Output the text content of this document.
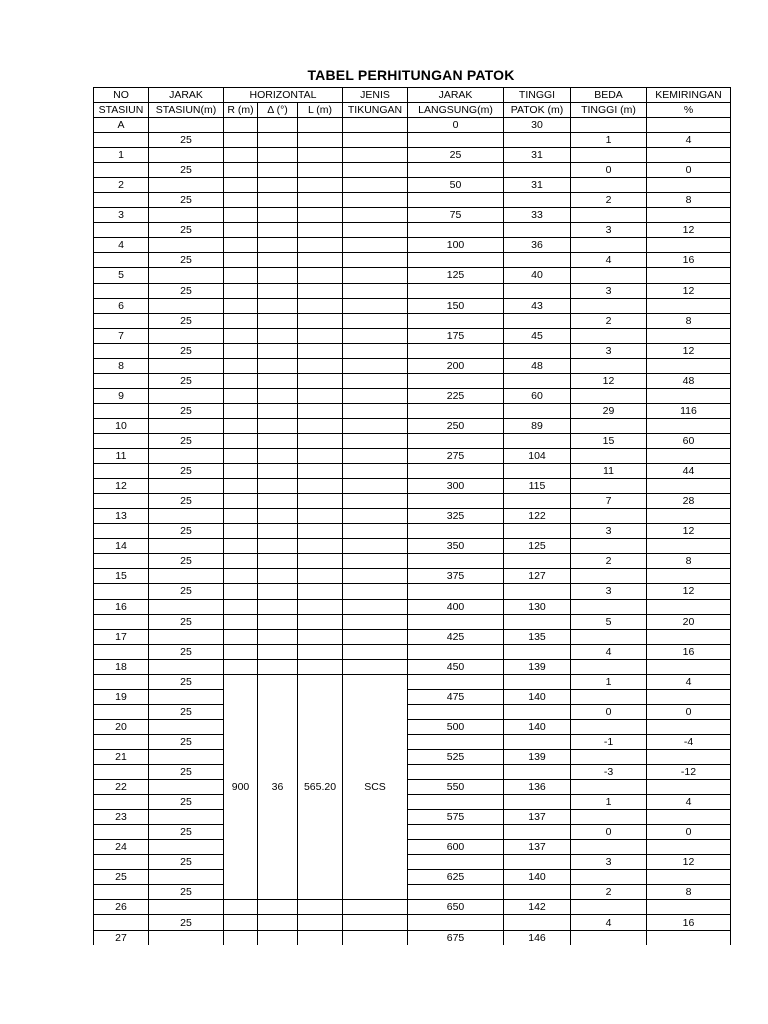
TABEL PERHITUNGAN PATOK
NO	JARAK	HORIZONTAL			JENIS	JARAK	TINGGI	BEDA	KEMIRINGAN
STASIUN	STASIUN(m)	R (m)	Δ (°)	L (m)	TIKUNGAN	LANGSUNG(m)	PATOK (m)	TINGGI (m)	%
A						0	30		
	25							1	4
1						25	31		
	25							0	0
2						50	31		
	25							2	8
3						75	33		
	25							3	12
4						100	36		
	25							4	16
5						125	40		
	25							3	12
6						150	43		
	25							2	8
7						175	45		
	25							3	12
8						200	48		
	25							12	48
9						225	60		
	25							29	116
10						250	89		
	25							15	60
11						275	104		
	25							11	44
12						300	115		
	25							7	28
13						325	122		
	25							3	12
14						350	125		
	25							2	8
15						375	127		
	25							3	12
16						400	130		
	25							5	20
17						425	135		
	25							4	16
18						450	139		
	25	900	36	565.20	SCS			1	4
19						475	140		
	25							0	0
20						500	140		
	25							-1	-4
21						525	139		
	25							-3	-12
22						550	136		
	25							1	4
23						575	137		
	25							0	0
24						600	137		
	25							3	12
25						625	140		
	25							2	8
26						650	142		
	25							4	16
27						675	146		
